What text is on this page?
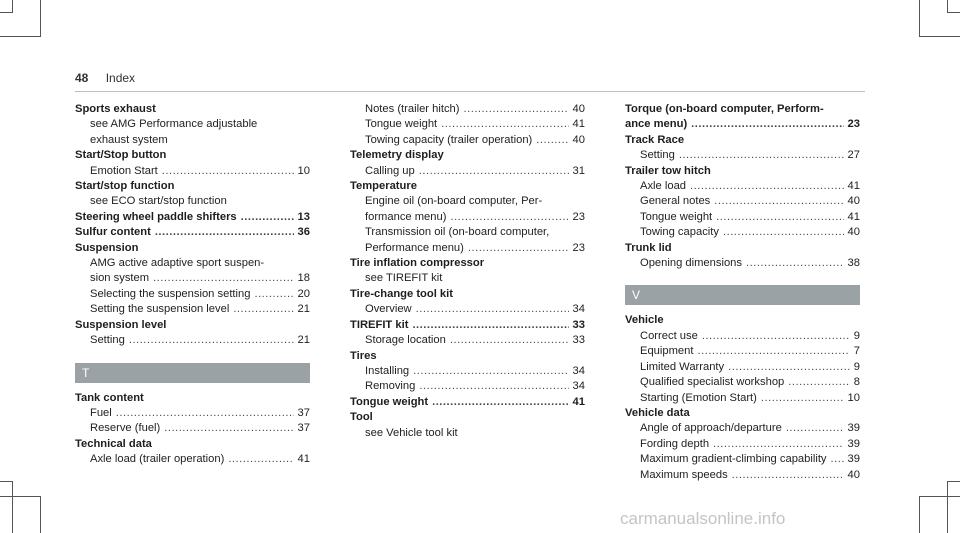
48 Index
Sports exhaust
see AMG Performance adjustable
exhaust system
Start/Stop button
Emotion Start .....	10
Start/stop function
see ECO start/stop function
Steering wheel paddle shifters .....	13
Sulfur content .....	36
Suspension
AMG active adaptive sport suspen-
sion system .....	18
Selecting the suspension setting .....	20
Setting the suspension level .....	21
Suspension level
Setting .....	21
T
Tank content
Fuel .....	37
Reserve (fuel) .....	37
Technical data
Axle load (trailer operation) .....	41
Notes (trailer hitch) .....	40
Tongue weight .....	41
Towing capacity (trailer operation) .....	40
Telemetry display
Calling up .....	31
Temperature
Engine oil (on-board computer, Per-
formance menu) .....	23
Transmission oil (on-board computer,
Performance menu) .....	23
Tire inflation compressor
see TIREFIT kit
Tire-change tool kit
Overview .....	34
TIREFIT kit .....	33
Storage location .....	33
Tires
Installing .....	34
Removing .....	34
Tongue weight .....	41
Tool
see Vehicle tool kit
Torque (on-board computer, Perform-
ance menu) .....	23
Track Race
Setting .....	27
Trailer tow hitch
Axle load .....	41
General notes .....	40
Tongue weight .....	41
Towing capacity .....	40
Trunk lid
Opening dimensions .....	38
V
Vehicle
Correct use .....	9
Equipment .....	7
Limited Warranty .....	9
Qualified specialist workshop .....	8
Starting (Emotion Start) .....	10
Vehicle data
Angle of approach/departure .....	39
Fording depth .....	39
Maximum gradient-climbing capability ..... 39
Maximum speeds .....	40
carmanualsonline.info
